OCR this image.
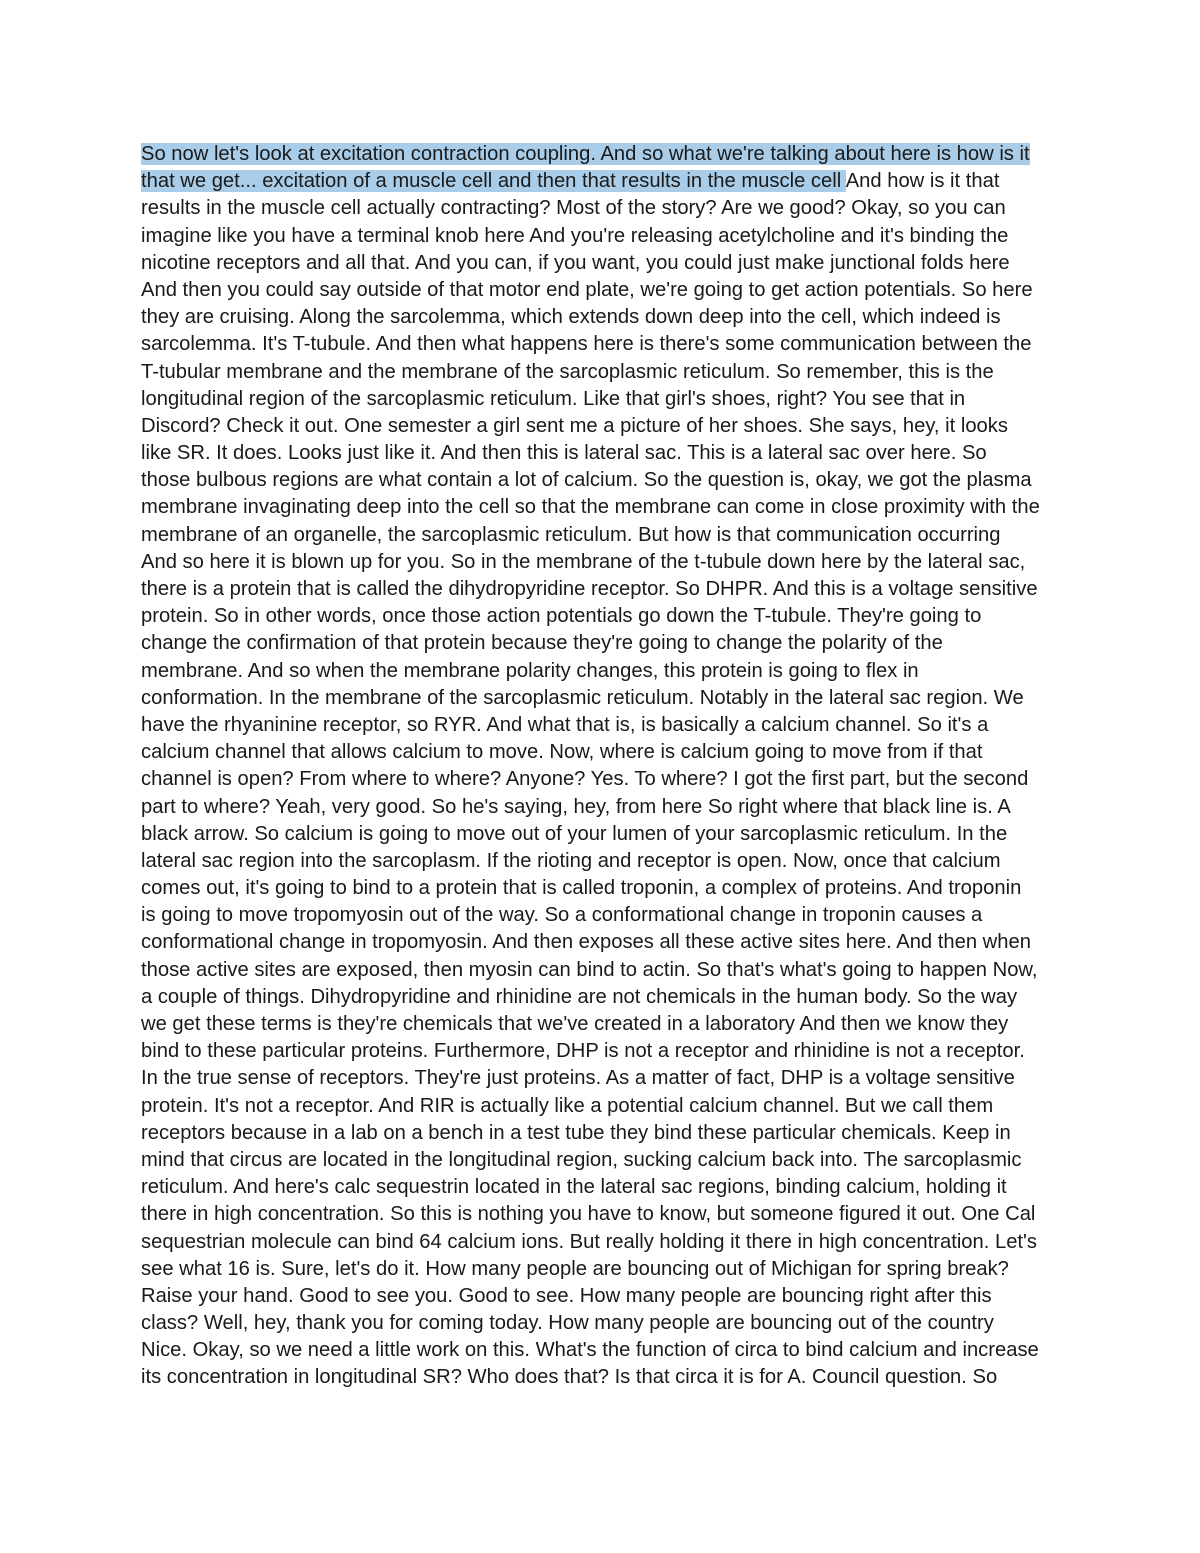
So now let's look at excitation contraction coupling. And so what we're talking about here is how is it
that we get... excitation of a muscle cell and then that results in the muscle cell And how is it that
results in the muscle cell actually contracting? Most of the story? Are we good? Okay, so you can
imagine like you have a terminal knob here And you're releasing acetylcholine and it's binding the
nicotine receptors and all that. And you can, if you want, you could just make junctional folds here
And then you could say outside of that motor end plate, we're going to get action potentials. So here
they are cruising. Along the sarcolemma, which extends down deep into the cell, which indeed is
sarcolemma. It's T-tubule. And then what happens here is there's some communication between the
T-tubular membrane and the membrane of the sarcoplasmic reticulum. So remember, this is the
longitudinal region of the sarcoplasmic reticulum. Like that girl's shoes, right? You see that in
Discord? Check it out. One semester a girl sent me a picture of her shoes. She says, hey, it looks
like SR. It does. Looks just like it. And then this is lateral sac. This is a lateral sac over here. So
those bulbous regions are what contain a lot of calcium. So the question is, okay, we got the plasma
membrane invaginating deep into the cell so that the membrane can come in close proximity with the
membrane of an organelle, the sarcoplasmic reticulum. But how is that communication occurring
And so here it is blown up for you. So in the membrane of the t-tubule down here by the lateral sac,
there is a protein that is called the dihydropyridine receptor. So DHPR. And this is a voltage sensitive
protein. So in other words, once those action potentials go down the T-tubule. They're going to
change the confirmation of that protein because they're going to change the polarity of the
membrane. And so when the membrane polarity changes, this protein is going to flex in
conformation. In the membrane of the sarcoplasmic reticulum. Notably in the lateral sac region. We
have the rhyaninine receptor, so RYR. And what that is, is basically a calcium channel. So it's a
calcium channel that allows calcium to move. Now, where is calcium going to move from if that
channel is open? From where to where? Anyone? Yes. To where? I got the first part, but the second
part to where? Yeah, very good. So he's saying, hey, from here So right where that black line is. A
black arrow. So calcium is going to move out of your lumen of your sarcoplasmic reticulum. In the
lateral sac region into the sarcoplasm. If the rioting and receptor is open. Now, once that calcium
comes out, it's going to bind to a protein that is called troponin, a complex of proteins. And troponin
is going to move tropomyosin out of the way. So a conformational change in troponin causes a
conformational change in tropomyosin. And then exposes all these active sites here. And then when
those active sites are exposed, then myosin can bind to actin. So that's what's going to happen Now,
a couple of things. Dihydropyridine and rhinidine are not chemicals in the human body. So the way
we get these terms is they're chemicals that we've created in a laboratory And then we know they
bind to these particular proteins. Furthermore, DHP is not a receptor and rhinidine is not a receptor.
In the true sense of receptors. They're just proteins. As a matter of fact, DHP is a voltage sensitive
protein. It's not a receptor. And RIR is actually like a potential calcium channel. But we call them
receptors because in a lab on a bench in a test tube they bind these particular chemicals. Keep in
mind that circus are located in the longitudinal region, sucking calcium back into. The sarcoplasmic
reticulum. And here's calc sequestrin located in the lateral sac regions, binding calcium, holding it
there in high concentration. So this is nothing you have to know, but someone figured it out. One Cal
sequestrian molecule can bind 64 calcium ions. But really holding it there in high concentration. Let's
see what 16 is. Sure, let's do it. How many people are bouncing out of Michigan for spring break?
Raise your hand. Good to see you. Good to see. How many people are bouncing right after this
class? Well, hey, thank you for coming today. How many people are bouncing out of the country
Nice. Okay, so we need a little work on this. What's the function of circa to bind calcium and increase
its concentration in longitudinal SR? Who does that? Is that circa it is for A. Council question. So
